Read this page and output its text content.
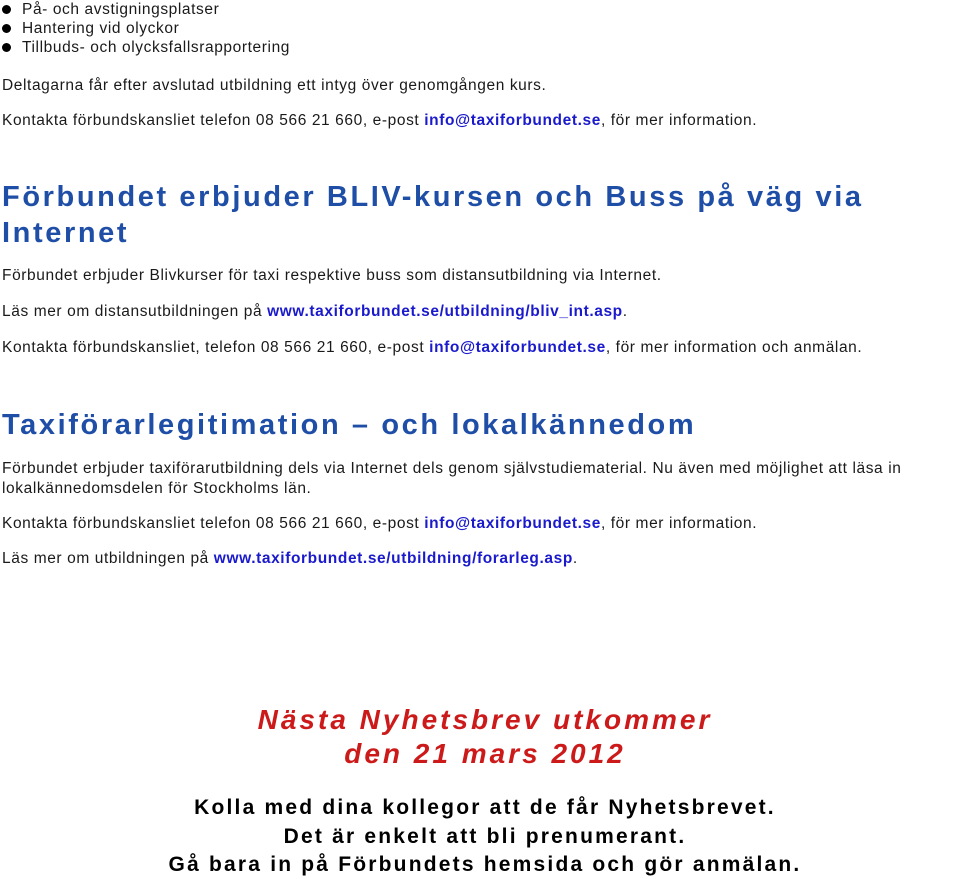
På- och avstigningsplatser
Hantering vid olyckor
Tillbuds- och olycksfallsrapportering

Deltagarna får efter avslutad utbildning ett intyg över genomgången kurs.

Kontakta förbundskansliet telefon 08 566 21 660, e-post info@taxiforbundet.se, för mer information.

Förbundet erbjuder BLIV-kursen och Buss på väg via Internet

Förbundet erbjuder Blivkurser för taxi respektive buss som distansutbildning via Internet.

Läs mer om distansutbildningen på www.taxiforbundet.se/utbildning/bliv_int.asp.

Kontakta förbundskansliet, telefon 08 566 21 660, e-post info@taxiforbundet.se, för mer information och anmälan.

Taxiförarlegitimation – och lokalkännedom

Förbundet erbjuder taxiförarutbildning dels via Internet dels genom självstudiematerial. Nu även med möjlighet att läsa in lokalkännedomsdelen för Stockholms län.

Kontakta förbundskansliet telefon 08 566 21 660, e-post info@taxiforbundet.se, för mer information.

Läs mer om utbildningen på www.taxiforbundet.se/utbildning/forarleg.asp.

Nästa Nyhetsbrev utkommer

den 21 mars 2012

Kolla med dina kollegor att de får Nyhetsbrevet.

Det är enkelt att bli prenumerant.

Gå bara in på Förbundets hemsida och gör anmälan.
